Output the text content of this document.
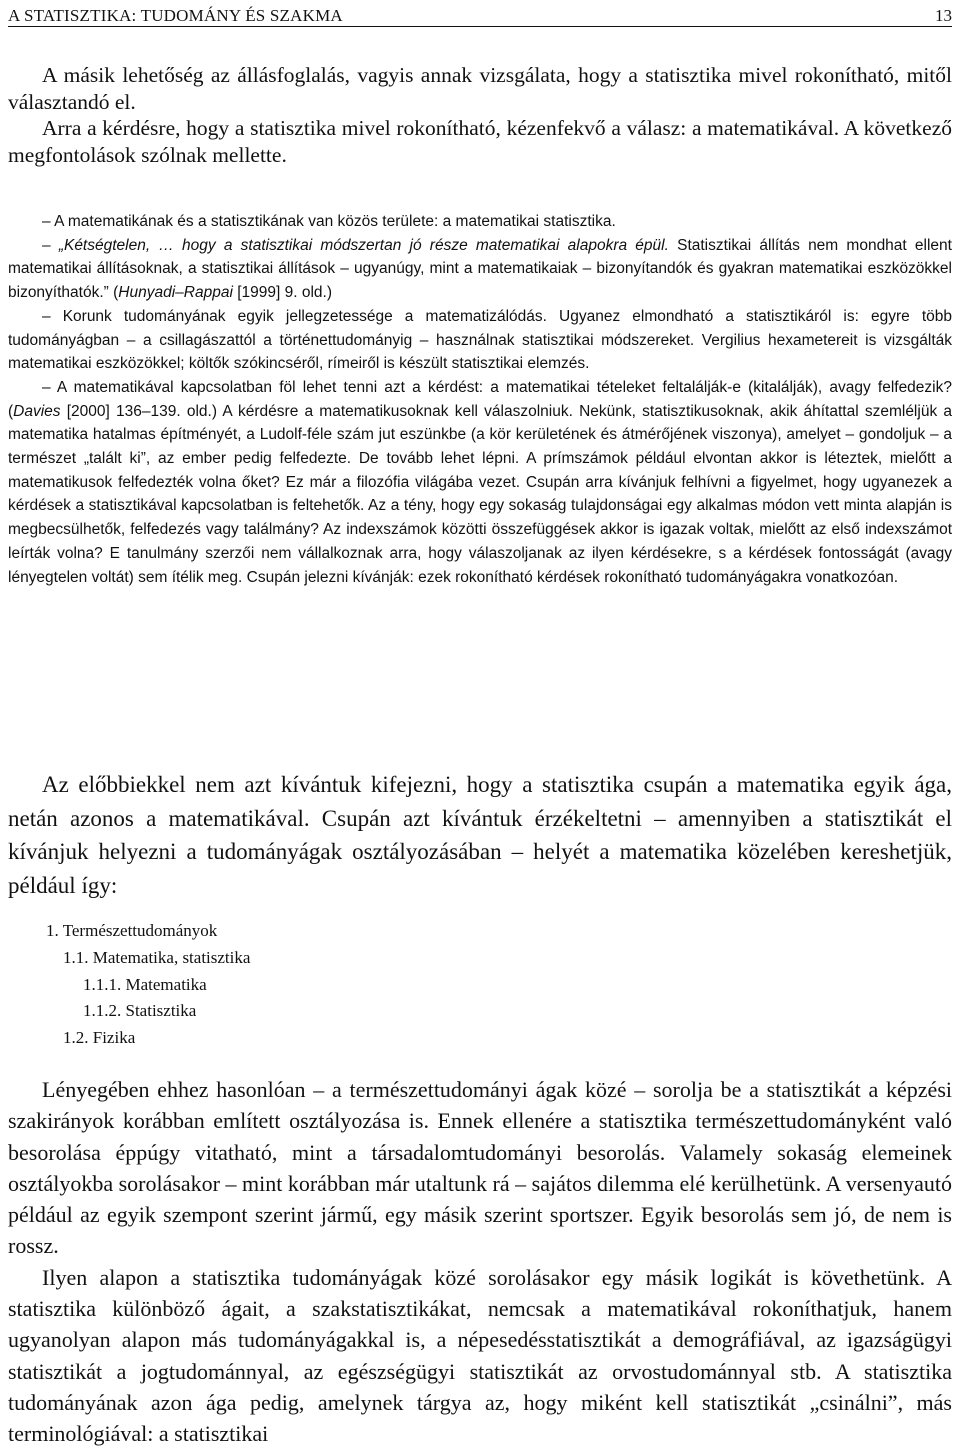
A STATISZTIKA: TUDOMÁNY ÉS SZAKMA	13

A másik lehetőség az állásfoglalás, vagyis annak vizsgálata, hogy a statisztika mivel rokonítható, mitől választandó el.

Arra a kérdésre, hogy a statisztika mivel rokonítható, kézenfekvő a válasz: a matematikával. A következő megfontolások szólnak mellette.

– A matematikának és a statisztikának van közös területe: a matematikai statisztika.

– „Kétségtelen, … hogy a statisztikai módszertan jó része matematikai alapokra épül. Statisztikai állítás nem mondhat ellent matematikai állításoknak, a statisztikai állítások – ugyanúgy, mint a matematikaiak – bizonyítandók és gyakran matematikai eszközökkel bizonyíthatók.” (Hunyadi–Rappai [1999] 9. old.)

– Korunk tudományának egyik jellegzetessége a matematizálódás. Ugyanez elmondható a statisztikáról is: egyre több tudományágban – a csillagászattól a történettudományig – használnak statisztikai módszereket. Vergilius hexametereit is vizsgálták matematikai eszközökkel; költők szókincséről, rímeiről is készült statisztikai elemzés.

– A matematikával kapcsolatban föl lehet tenni azt a kérdést: a matematikai tételeket feltalálják-e (kitalálják), avagy felfedezik? (Davies [2000] 136–139. old.) A kérdésre a matematikusoknak kell válaszolniuk. Nekünk, statisztikusoknak, akik áhítattal szemléljük a matematika hatalmas építményét, a Ludolf-féle szám jut eszünkbe (a kör kerületének és átmérőjének viszonya), amelyet – gondoljuk – a természet „talált ki”, az ember pedig felfedezte. De tovább lehet lépni. A prímszámok például elvontan akkor is léteztek, mielőtt a matematikusok felfedezték volna őket? Ez már a filozófia világába vezet. Csupán arra kívánjuk felhívni a figyelmet, hogy ugyanezek a kérdések a statisztikával kapcsolatban is feltehetők. Az a tény, hogy egy sokaság tulajdonságai egy alkalmas módon vett minta alapján is megbecsülhetők, felfedezés vagy találmány? Az indexszámok közötti összefüggések akkor is igazak voltak, mielőtt az első indexszámot leírták volna? E tanulmány szerzői nem vállalkoznak arra, hogy válaszoljanak az ilyen kérdésekre, s a kérdések fontosságát (avagy lényegtelen voltát) sem ítélik meg. Csupán jelezni kívánják: ezek rokonítható kérdések rokonítható tudományágakra vonatkozóan.

Az előbbiekkel nem azt kívántuk kifejezni, hogy a statisztika csupán a matematika egyik ága, netán azonos a matematikával. Csupán azt kívántuk érzékeltetni – amennyiben a statisztikát el kívánjuk helyezni a tudományágak osztályozásában – helyét a matematika közelében kereshetjük, például így:

1. Természettudományok
1.1. Matematika, statisztika
1.1.1. Matematika
1.1.2. Statisztika
1.2. Fizika

Lényegében ehhez hasonlóan – a természettudományi ágak közé – sorolja be a statisztikát a képzési szakirányok korábban említett osztályozása is. Ennek ellenére a statisztika természettudományként való besorolása éppúgy vitatható, mint a társadalomtudományi besorolás. Valamely sokaság elemeinek osztályokba sorolásakor – mint korábban már utaltunk rá – sajátos dilemma elé kerülhetünk. A versenyautó például az egyik szempont szerint jármű, egy másik szerint sportszer. Egyik besorolás sem jó, de nem is rossz.

Ilyen alapon a statisztika tudományágak közé sorolásakor egy másik logikát is követhetünk. A statisztika különböző ágait, a szakstatisztikákat, nemcsak a matematikával rokoníthatjuk, hanem ugyanolyan alapon más tudományágakkal is, a népesedésstatisztikát a demográfiával, az igazságügyi statisztikát a jogtudománnyal, az egészségügyi statisztikát az orvostudománnyal stb. A statisztika tudományának azon ága pedig, amelynek tárgya az, hogy miként kell statisztikát „csinálni”, más terminológiával: a statisztikai
